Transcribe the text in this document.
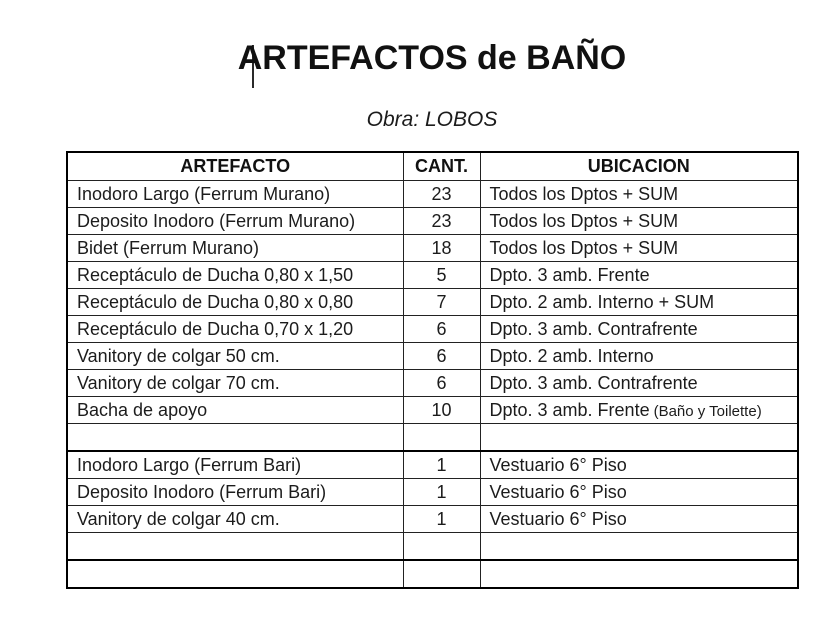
ARTEFACTOS de BAÑO
Obra: LOBOS
ARTEFACTO	CANT.	UBICACION
Inodoro Largo (Ferrum Murano)	23	Todos los Dptos + SUM
Deposito Inodoro (Ferrum Murano)	23	Todos los Dptos + SUM
Bidet (Ferrum Murano)	18	Todos los Dptos + SUM
Receptáculo de Ducha 0,80 x 1,50	5	Dpto. 3 amb. Frente
Receptáculo de Ducha 0,80 x 0,80	7	Dpto. 2 amb. Interno + SUM
Receptáculo de Ducha 0,70 x 1,20	6	Dpto. 3 amb. Contrafrente
Vanitory de colgar 50 cm.	6	Dpto. 2 amb. Interno
Vanitory de colgar 70 cm.	6	Dpto. 3 amb. Contrafrente
Bacha de apoyo	10	Dpto. 3 amb. Frente (Baño y Toilette)

Inodoro Largo (Ferrum Bari)	1	Vestuario 6° Piso
Deposito Inodoro (Ferrum Bari)	1	Vestuario 6° Piso
Vanitory de colgar 40 cm.	1	Vestuario 6° Piso
